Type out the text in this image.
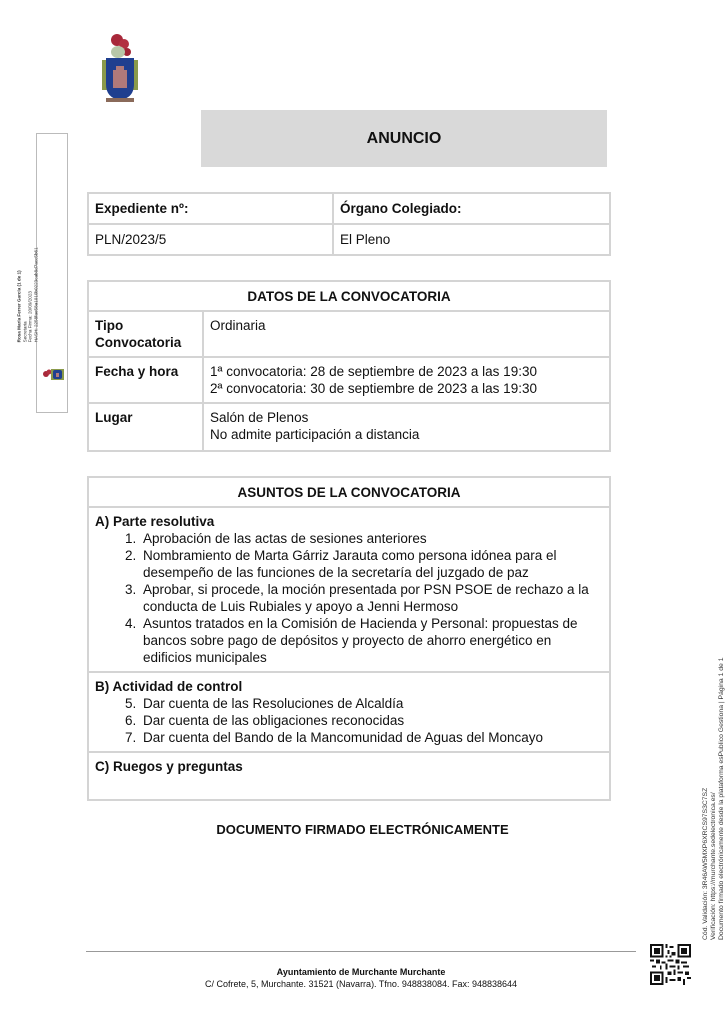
Rosa María Ferrer García (1 de 1) Secretaria Fecha Firma: 20/09/2023 HASH: 2258fae58a1010b0223cab8d7acc5b61
ANUNCIO
Expediente nº:	Órgano Colegiado:
PLN/2023/5	El Pleno
DATOS DE LA CONVOCATORIA	
Tipo Convocatoria	Ordinaria
Fecha y hora	1ª convocatoria: 28 de septiembre de 2023 a las 19:30
2ª convocatoria: 30 de septiembre de 2023 a las 19:30

Lugar	Salón de Plenos
No admite participación a distancia
ASUNTOS DE LA CONVOCATORIA

A) Parte resolutiva
1. Aprobación de las actas de sesiones anteriores
2. Nombramiento de Marta Gárriz Jarauta como persona idónea para el desempeño de las funciones de la secretaría del juzgado de paz
3. Aprobar, si procede, la moción presentada por PSN PSOE de rechazo a la conducta de Luis Rubiales y apoyo a Jenni Hermoso
4. Asuntos tratados en la Comisión de Hacienda y Personal: propuestas de bancos sobre pago de depósitos y proyecto de ahorro energético en edificios municipales

B) Actividad de control
5. Dar cuenta de las Resoluciones de Alcaldía
6. Dar cuenta de las obligaciones reconocidas
7. Dar cuenta del Bando de la Mancomunidad de Aguas del Moncayo

C) Ruegos y preguntas
DOCUMENTO FIRMADO ELECTRÓNICAMENTE
Ayuntamiento de Murchante Murchante
C/ Cofrete, 5, Murchante. 31521 (Navarra). Tfno. 948838084. Fax: 948838644
Cód. Validación: 3R46AW5MXP6XRCS97S3C7SZ Verificación: https://murchante.sedelectronica.es/ Documento firmado electrónicamente desde la plataforma esPublico Gestiona | Página 1 de 1
